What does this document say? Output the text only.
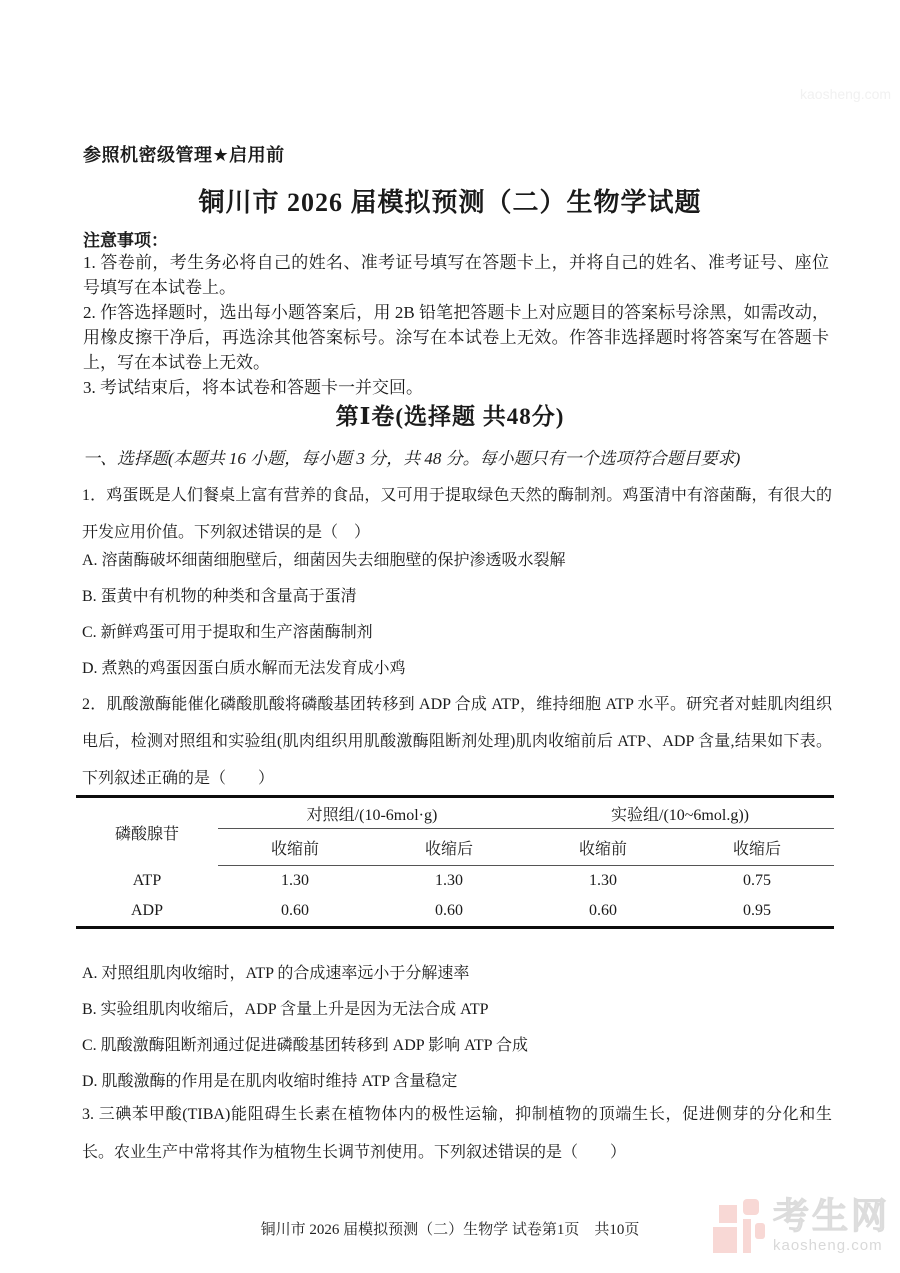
kaosheng.com
参照机密级管理★启用前
铜川市 2026 届模拟预测（二）生物学试题
注意事项：

1. 答卷前，考生务必将自己的姓名、准考证号填写在答题卡上，并将自己的姓名、准考证号、座位号填写在本试卷上。

2. 作答选择题时，选出每小题答案后，用 2B 铅笔把答题卡上对应题目的答案标号涂黑，如需改动，用橡皮擦干净后，再选涂其他答案标号。涂写在本试卷上无效。作答非选择题时将答案写在答题卡上，写在本试卷上无效。

3. 考试结束后，将本试卷和答题卡一并交回。

第Ⅰ卷(选择题 共48分)
一、选择题(本题共 16 小题，每小题 3 分，共 48 分。每小题只有一个选项符合题目要求)
1．鸡蛋既是人们餐桌上富有营养的食品，又可用于提取绿色天然的酶制剂。鸡蛋清中有溶菌酶，有很大的开发应用价值。下列叙述错误的是（　）
A. 溶菌酶破坏细菌细胞壁后，细菌因失去细胞壁的保护渗透吸水裂解
B. 蛋黄中有机物的种类和含量高于蛋清
C. 新鲜鸡蛋可用于提取和生产溶菌酶制剂
D. 煮熟的鸡蛋因蛋白质水解而无法发育成小鸡
2．肌酸激酶能催化磷酸肌酸将磷酸基团转移到 ADP 合成 ATP，维持细胞 ATP 水平。研究者对蛙肌肉组织电后，检测对照组和实验组(肌肉组织用肌酸激酶阻断剂处理)肌肉收缩前后 ATP、ADP 含量,结果如下表。下列叙述正确的是（　　）
磷酸腺苷
对照组/(10-6mol·g)	实验组/(10~6mol.g))
收缩前	收缩后	收缩前	收缩后
ATP	1.30	1.30	1.30	0.75
ADP	0.60	0.60	0.60	0.95
A. 对照组肌肉收缩时，ATP 的合成速率远小于分解速率
B. 实验组肌肉收缩后，ADP 含量上升是因为无法合成 ATP
C. 肌酸激酶阻断剂通过促进磷酸基团转移到 ADP 影响 ATP 合成
D. 肌酸激酶的作用是在肌肉收缩时维持 ATP 含量稳定
3. 三碘苯甲酸(TIBA)能阻碍生长素在植物体内的极性运输，抑制植物的顶端生长，促进侧芽的分化和生长。农业生产中常将其作为植物生长调节剂使用。下列叙述错误的是（　　）
铜川市 2026 届模拟预测（二）生物学 试卷第1页　共10页	考生网
kaosheng.com
